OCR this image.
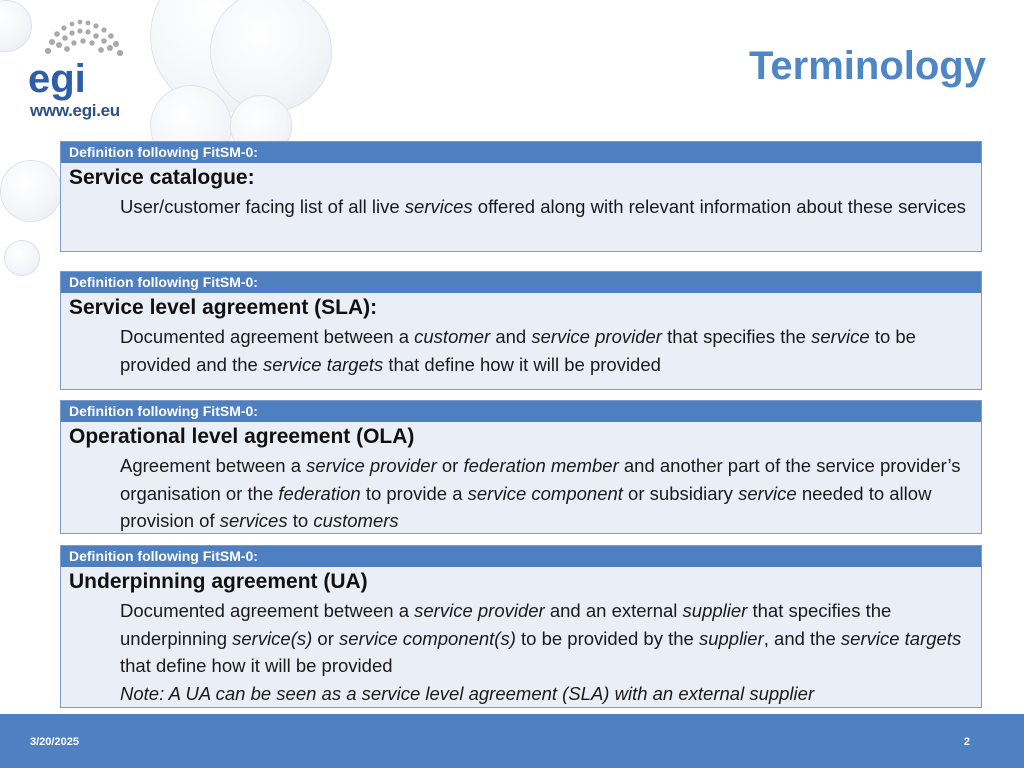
egi
www.egi.eu
Terminology
Definition following FitSM-0:
Service catalogue:
User/customer facing list of all live services offered along with relevant information about these services
Definition following FitSM-0:
Service level agreement (SLA):
Documented agreement between a customer and service provider that specifies the service to be provided and the service targets that define how it will be provided
Definition following FitSM-0:
Operational level agreement (OLA)
Agreement between a service provider or federation member and another part of the service provider’s organisation or the federation to provide a service component or subsidiary service needed to allow provision of services to customers
Definition following FitSM-0:
Underpinning agreement (UA)
Documented agreement between a service provider and an external supplier that specifies the underpinning service(s) or service component(s) to be provided by the supplier, and the service targets that define how it will be provided
Note: A UA can be seen as a service level agreement (SLA) with an external supplier
3/20/2025	2
